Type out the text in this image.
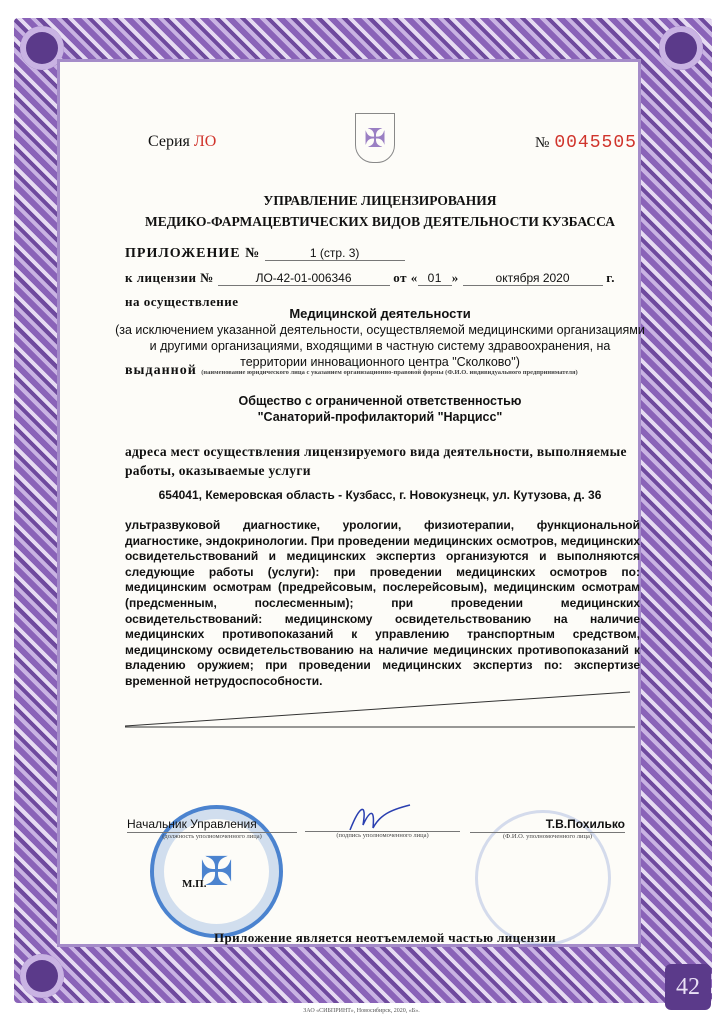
42
Серия ЛО	✠	№ 0045505
УПРАВЛЕНИЕ ЛИЦЕНЗИРОВАНИЯ
МЕДИКО-ФАРМАЦЕВТИЧЕСКИХ ВИДОВ ДЕЯТЕЛЬНОСТИ КУЗБАССА
ПРИЛОЖЕНИЕ №	1 (стр. 3)
к лицензии №	ЛО-42-01-006346	от « 01 »	октября 2020	г.
на осуществление
Медицинской деятельности
(за исключением указанной деятельности, осуществляемой медицинскими организациями и другими организациями, входящими в частную систему здравоохранения, на территории инновационного центра "Сколково")
выданной (наименование юридического лица с указанием организационно-правовой формы (Ф.И.О. индивидуального предпринимателя)
Общество с ограниченной ответственностью
"Санаторий-профилакторий "Нарцисс"
адреса мест осуществления лицензируемого вида деятельности, выполняемые работы, оказываемые услуги
654041, Кемеровская область - Кузбасс, г. Новокузнецк, ул. Кутузова, д. 36
ультразвуковой диагностике, урологии, физиотерапии, функциональной диагностике, эндокринологии. При проведении медицинских осмотров, медицинских освидетельствований и медицинских экспертиз организуются и выполняются следующие работы (услуги): при проведении медицинских осмотров по: медицинским осмотрам (предрейсовым, послерейсовым), медицинским осмотрам (предсменным, послесменным); при проведении медицинских освидетельствований: медицинскому освидетельствованию на наличие медицинских противопоказаний к управлению транспортным средством, медицинскому освидетельствованию на наличие медицинских противопоказаний к владению оружием; при проведении медицинских экспертиз по: экспертизе временной нетрудоспособности.
✠
Начальник Управления
(должность уполномоченного лица)	(подпись уполномоченного лица)
Т.В.Похилько
(Ф.И.О. уполномоченного лица)
М.П.
Приложение является неотъемлемой частью лицензии
ЗАО «СИБПРИНТ», Новосибирск, 2020, «Б».
